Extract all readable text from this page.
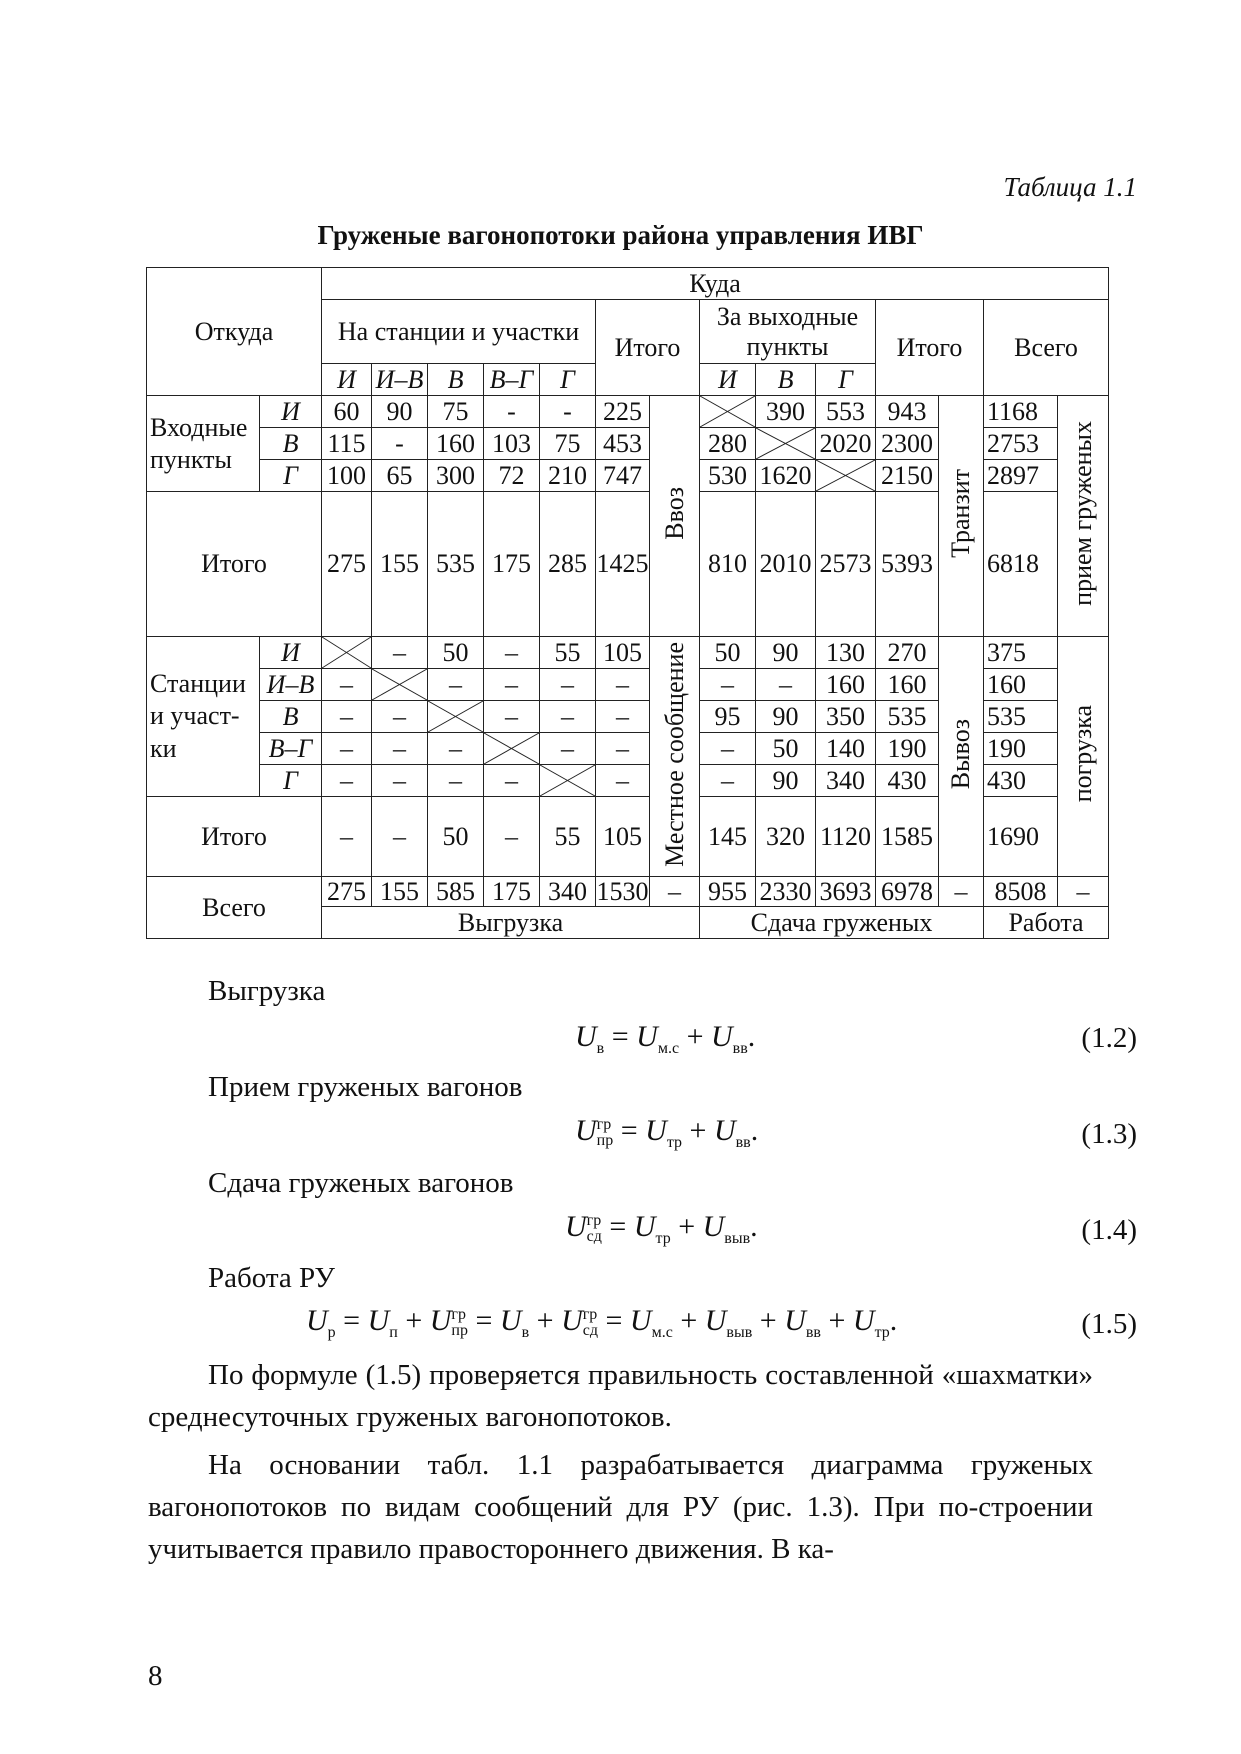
Таблица 1.1
Груженые вагонопотоки района управления ИВГ
Откуда		Куда													
		На станции и участки					Итого		За выходные пункты			Итого		Всего	
		И	И–В	В	В–Г	Г			И	В	Г				
Входные пункты	И	60	90	75	-	-	225	Ввоз		390	553	943	Транзит	1168	прием груженых
	В	115	-	160	103	75	453		280		2020	2300		2753	
	Г	100	65	300	72	210	747		530	1620		2150		2897	
Итого		275	155	535	175	285	1425		810	2010	2573	5393		6818	
Станции и участ- ки	И		–	50	–	55	105	Местное сообщение	50	90	130	270	Вывоз	375	погрузка
	И–В	–		–	–	–	–		–	–	160	160		160	
	В	–	–		–	–	–		95	90	350	535		535	
	В–Г	–	–	–		–	–		–	50	140	190		190	
	Г	–	–	–	–		–		–	90	340	430		430	
Итого		–	–	50	–	55	105		145	320	1120	1585		1690	
Всего		275	155	585	175	340	1530	–	955	2330	3693	6978	–	8508	–
		Выгрузка							Сдача груженых					Работа	
Выгрузка
$U_в = U_{м.с} + U_{вв}$.	(1.2)
Прием груженых вагонов
U гр
пр = $U_{тр} + U_{вв}$.	(1.3)
Сдача груженых вагонов
U гр
сд = $U_{тр} + U_{выв}$.	(1.4)
Работа РУ
$U_р = U_п + U$ гр
пр = $U_в + U$ гр
сд = $U_{м.с} + U_{выв} + U_{вв} + U_{тр}$.	(1.5)
По формуле (1.5) проверяется правильность составленной «шахматки» среднесуточных груженых вагонопотоков.
На основании табл. 1.1 разрабатывается диаграмма груженых вагонопотоков по видам сообщений для РУ (рис. 1.3). При по-строении учитывается правило правостороннего движения. В ка-
8
